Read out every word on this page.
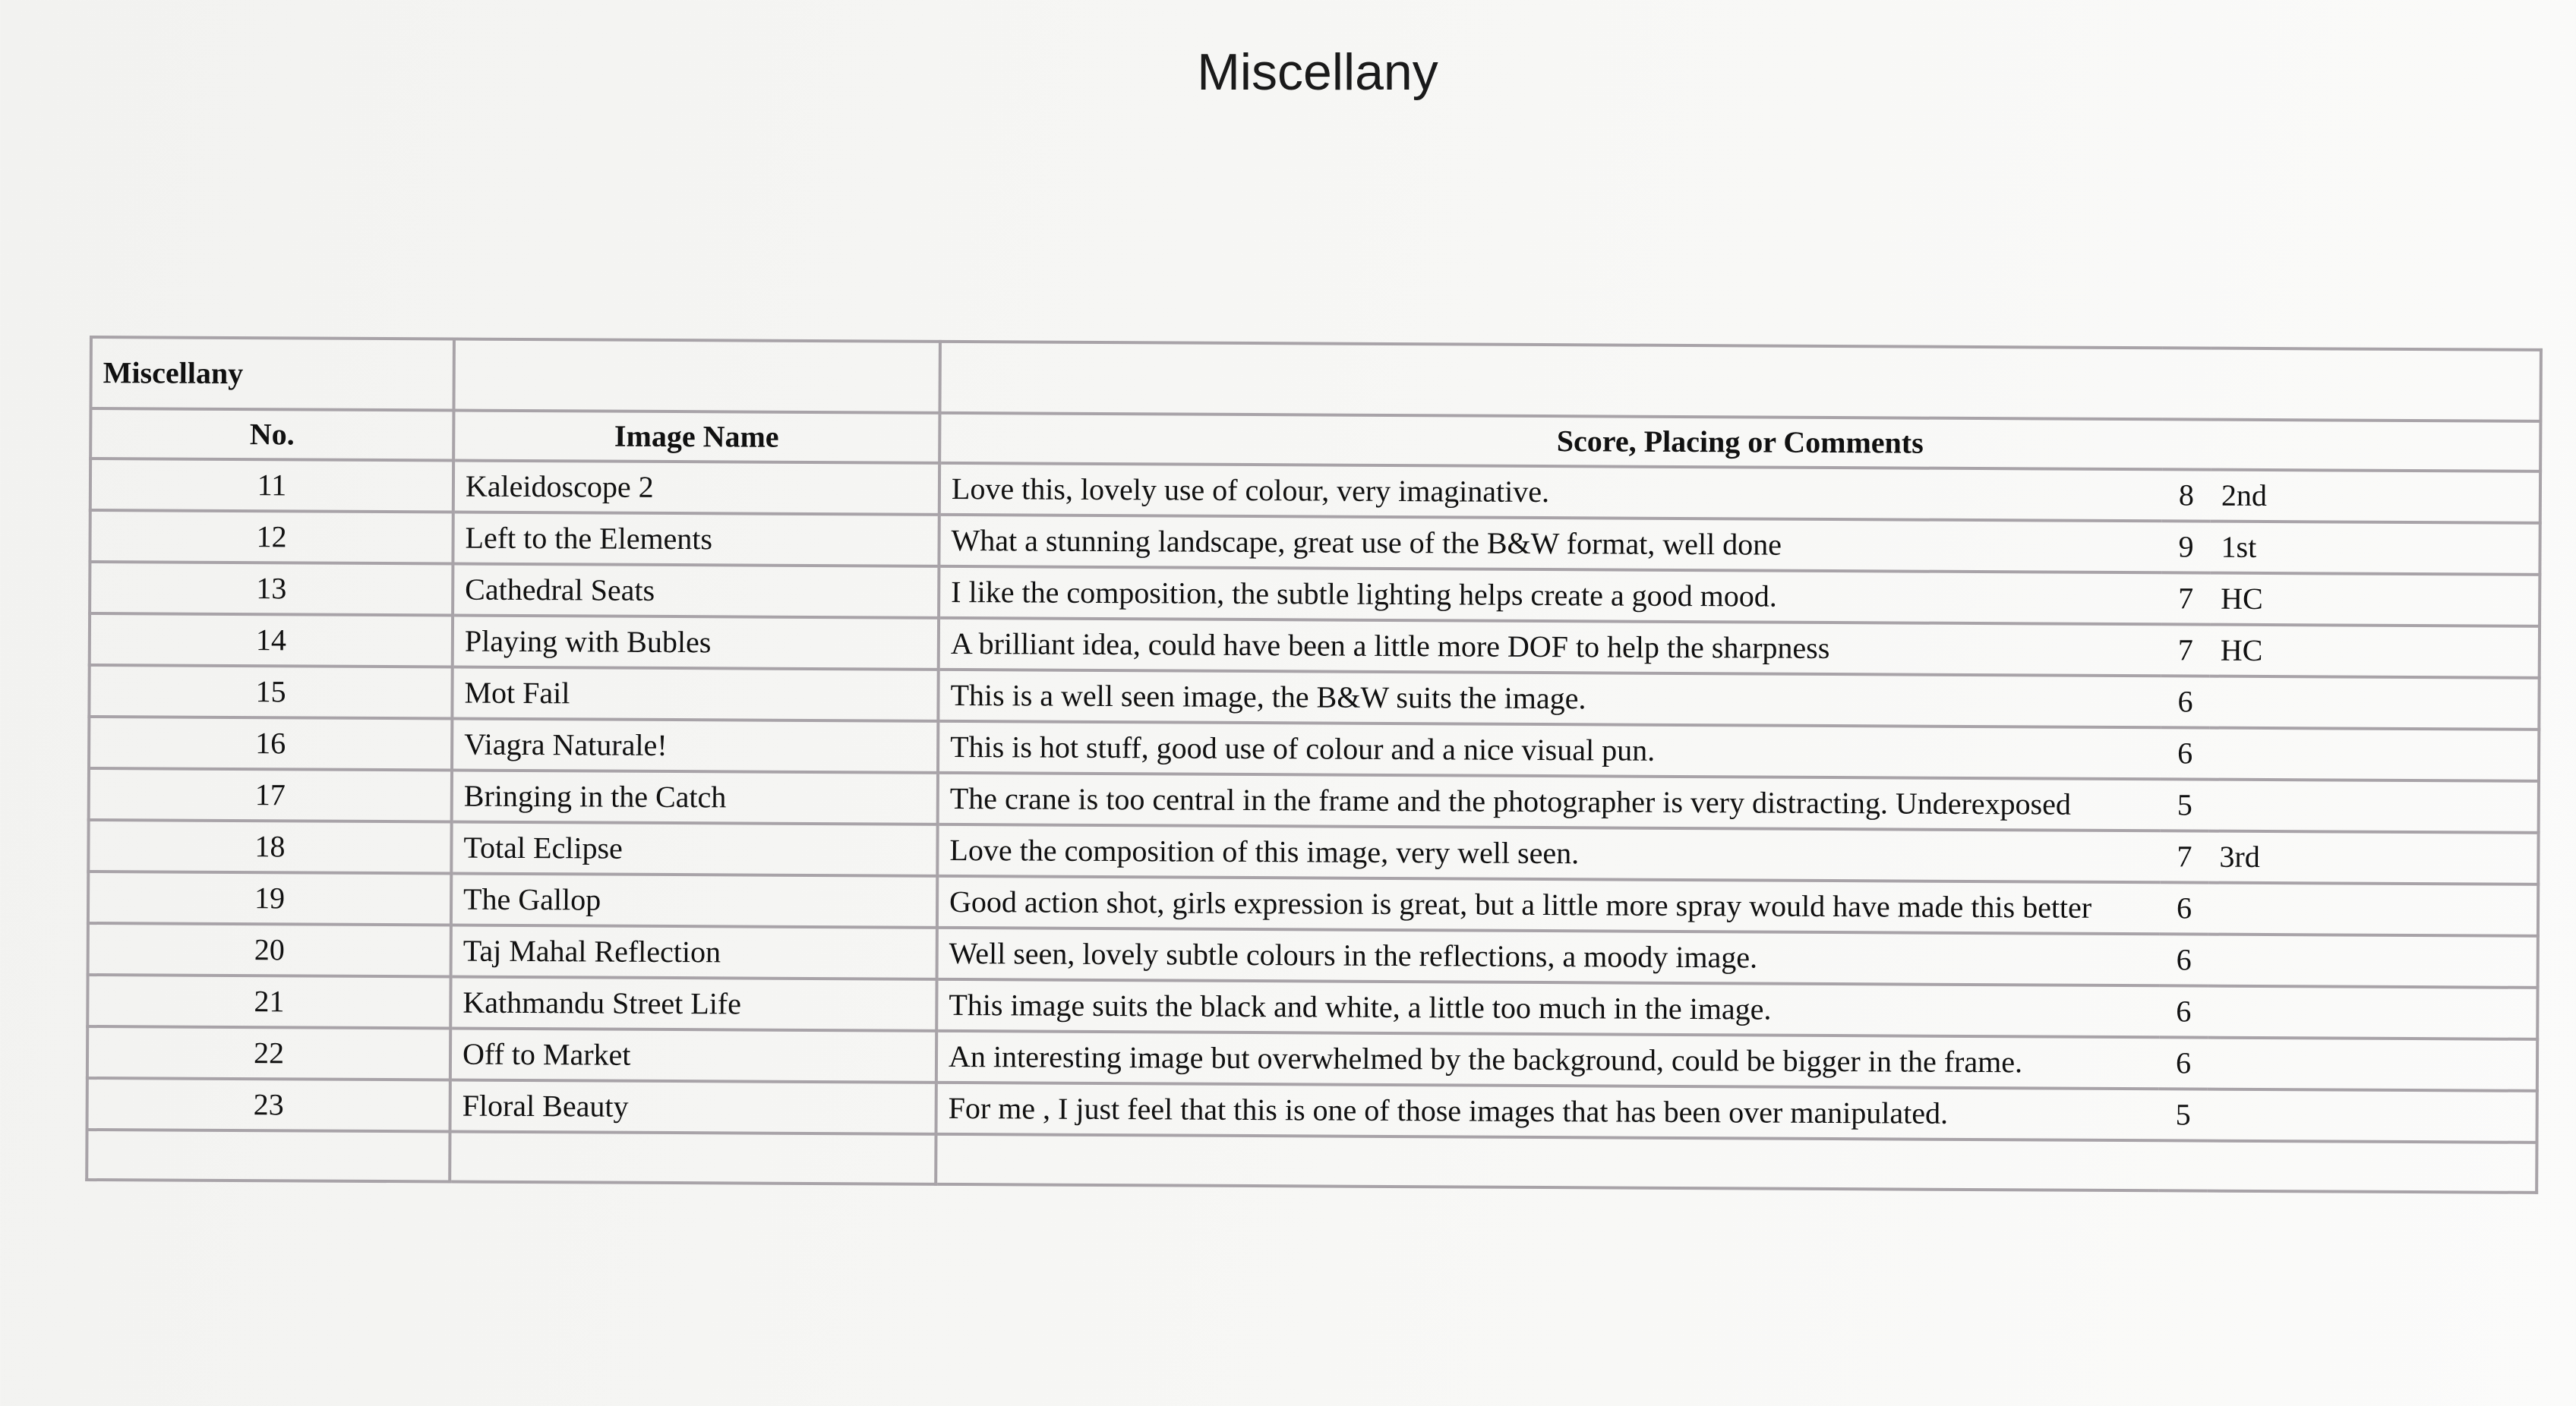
Miscellany
Miscellany				
No.	Image Name	Score, Placing or Comments		
11	Kaleidoscope 2	Love this, lovely use of colour, very imaginative.	8	2nd
12	Left to the Elements	What a stunning landscape, great use of the B&W format, well done	9	1st
13	Cathedral Seats	I like the composition, the subtle lighting helps create a good mood.	7	HC
14	Playing with Bubles	A brilliant idea, could have been a little more DOF to help the sharpness	7	HC
15	Mot Fail	This is a well seen image, the B&W suits the image.	6	
16	Viagra Naturale!	This is hot stuff, good use of colour and a nice visual pun.	6	
17	Bringing in the Catch	The crane is too central in the frame and the photographer is very distracting. Underexposed	5	
18	Total Eclipse	Love the composition of this image, very well seen.	7	3rd
19	The Gallop	Good action shot, girls expression is great, but a little more spray would have made this better	6	
20	Taj Mahal Reflection	Well seen, lovely subtle colours in the reflections, a moody image.	6	
21	Kathmandu Street Life	This image suits the black and white, a little too much in the image.	6	
22	Off to Market	An interesting image but overwhelmed by the background, could be bigger in the frame.	6	
23	Floral Beauty	For me , I just feel that this is one of those images that has been over manipulated.	5	
